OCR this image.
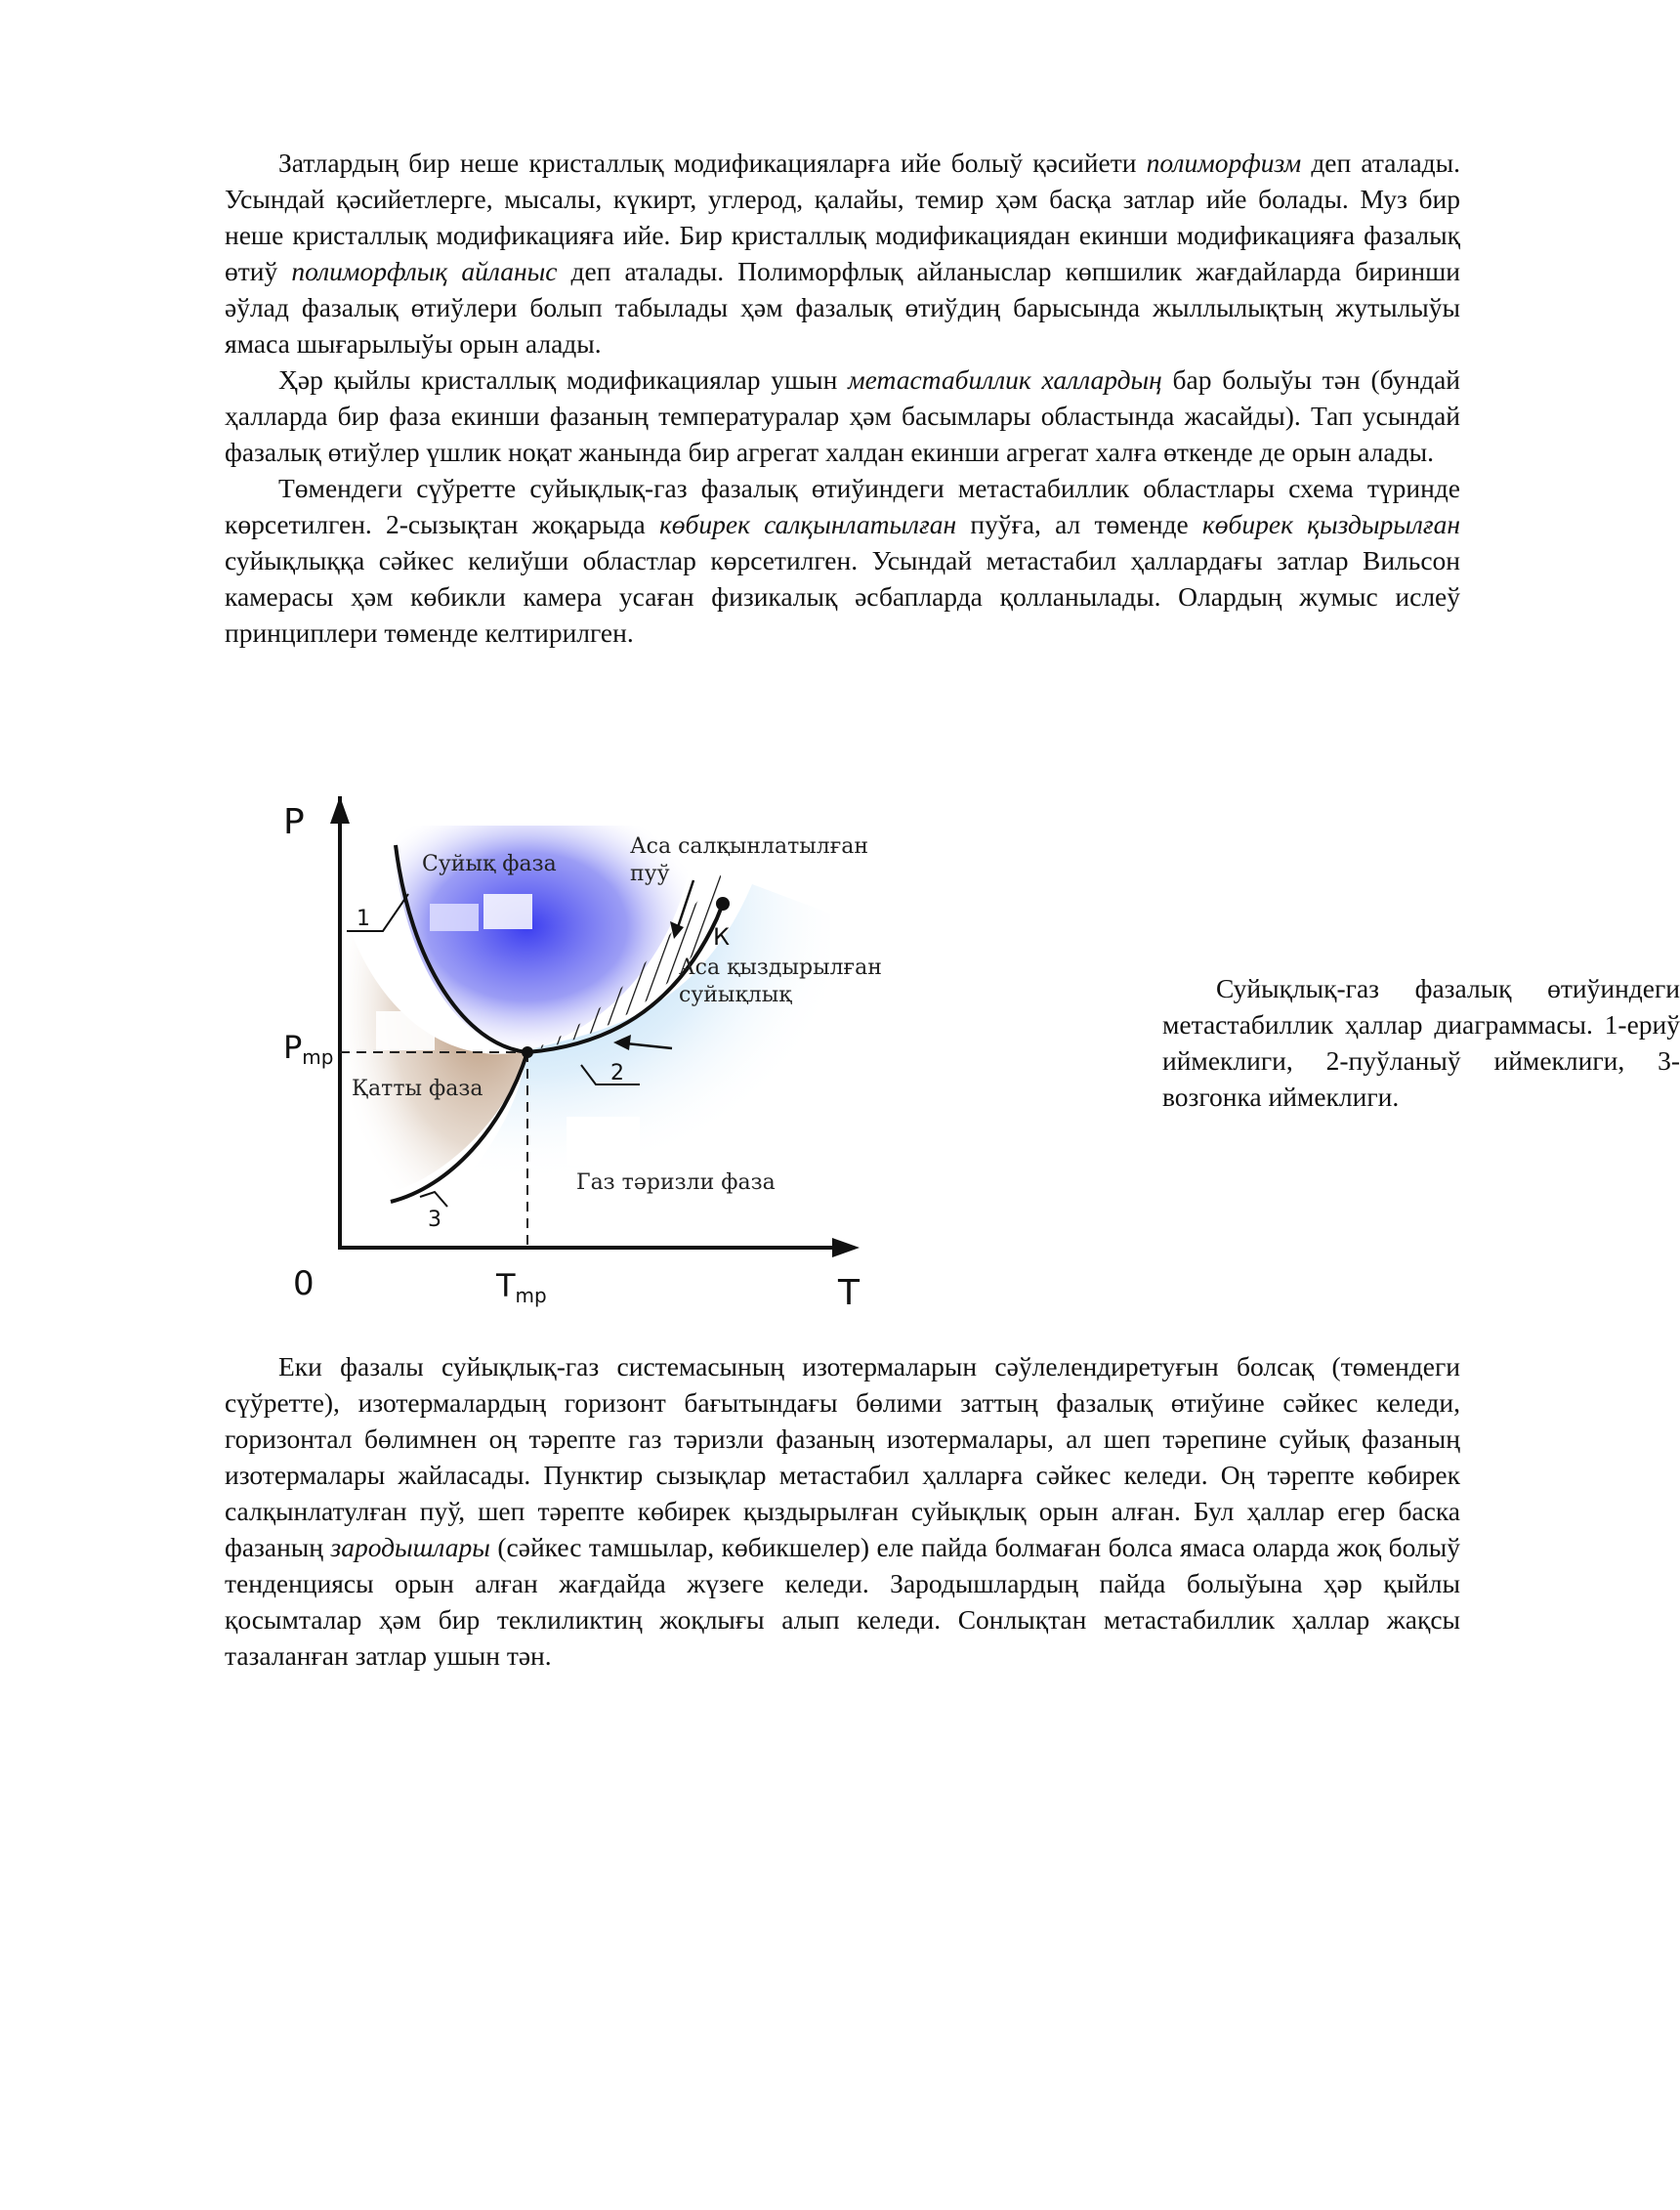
Затлардың бир неше кристаллық модификацияларға ийе болыў қәсийети полиморфизм деп аталады. Усындай қәсийетлерге, мысалы, күкирт, углерод, қалайы, темир ҳәм басқа затлар ийе болады. Муз бир неше кристаллық модификацияға ийе. Бир кристаллық модификациядан екинши модификацияға фазалық өтиў полиморфлық айланыс деп аталады. Полиморфлық айланыслар көпшилик жағдайларда биринши әўлад фазалық өтиўлери болып табылады ҳәм фазалық өтиўдиң барысында жыллылықтың жутылыўы ямаса шығарылыўы орын алады.

Ҳәр қыйлы кристаллық модификациялар ушын метастабиллик халлардың бар болыўы тән (бундай ҳалларда бир фаза екинши фазаның температуралар ҳәм басымлары областында жасайды). Тап усындай фазалық өтиўлер үшлик ноқат жанында бир агрегат халдан екинши агрегат халға өткенде де орын алады.

Төмендеги сүўретте суйықлық-газ фазалық өтиўиндеги метастабиллик областлары схема түринде көрсетилген. 2-сызықтан жоқарыда көбирек салқынлатылған пуўға, ал төменде көбирек қыздырылған суйықлыққа сәйкес келиўши областлар көрсетилген. Усындай метастабил ҳаллардағы затлар Вильсон камерасы ҳәм көбикли камера усаған физикалық әсбапларда қолланылады. Олардың жумыс ислеў принциплери төменде келтирилген.

P
T
0
Pmp
Tmp
Суйық фаза
Қатты фаза
Газ тәризли фаза
Аса салқынлатылған
пуў
Аса қыздырылған
суйықлық
К
1
2
3

Суйықлық-газ фазалық өтиўиндеги метастабиллик ҳаллар диаграммасы. 1-ериў иймеклиги, 2-пуўланыў иймеклиги, 3-возгонка иймеклиги.

Еки фазалы суйықлық-газ системасының изотермаларын сәўлелендиретуғын болсақ (төмендеги сүўретте), изотермалардың горизонт бағытындағы бөлими заттың фазалық өтиўине сәйкес келеди, горизонтал бөлимнен оң тәрепте газ тәризли фазаның изотермалары, ал шеп тәрепине суйық фазаның изотермалары жайласады. Пунктир сызықлар метастабил ҳалларға сәйкес келеди. Оң тәрепте көбирек салқынлатулған пуў, шеп тәрепте көбирек қыздырылған суйықлық орын алған. Бул ҳаллар егер баска фазаның зародышлары (сәйкес тамшылар, көбикшелер) еле пайда болмаған болса ямаса оларда жоқ болыў тенденциясы орын алған жағдайда жүзеге келеди. Зародышлардың пайда болыўына ҳәр қыйлы қосымталар ҳәм бир теклиликтиң жоқлығы алып келеди. Сонлықтан метастабиллик ҳаллар жақсы тазаланған затлар ушын тән.
